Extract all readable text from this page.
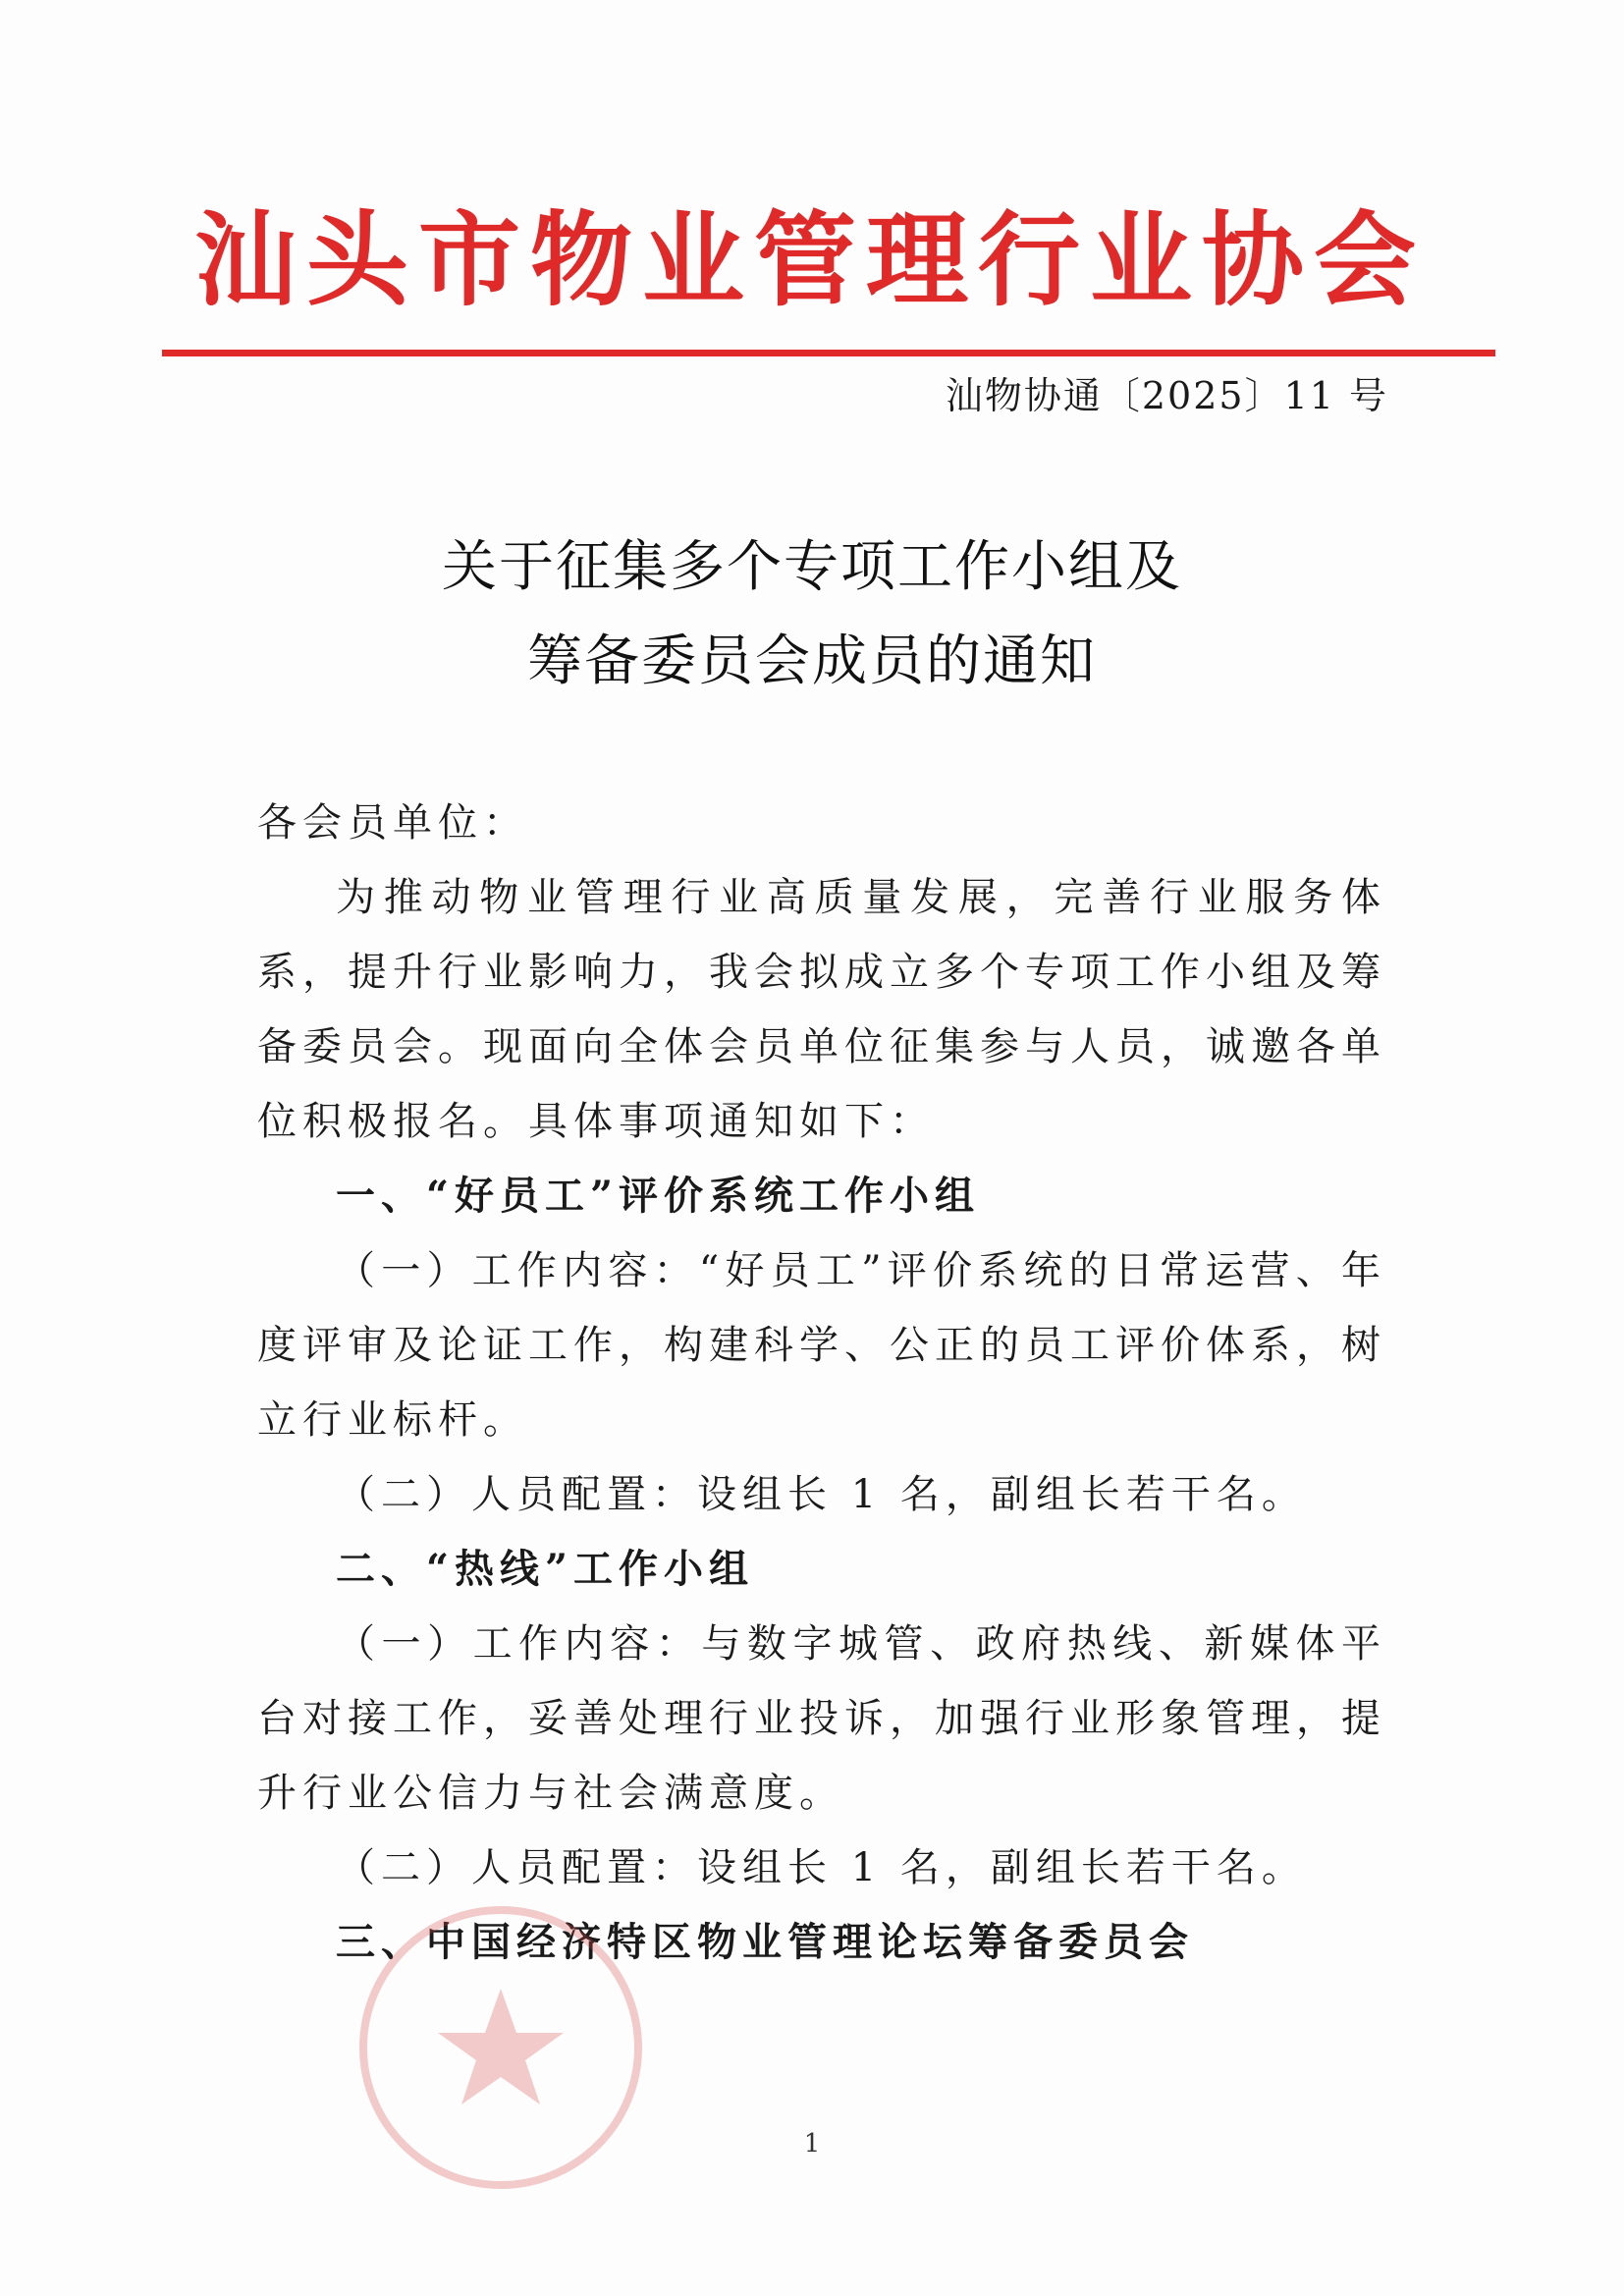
汕头市物业管理行业协会
汕物协通〔2025〕11 号
关于征集多个专项工作小组及
筹备委员会成员的通知

各会员单位：

为推动物业管理行业高质量发展，完善行业服务体系，提升行业影响力，我会拟成立多个专项工作小组及筹备委员会。现面向全体会员单位征集参与人员，诚邀各单位积极报名。具体事项通知如下：

一、“好员工”评价系统工作小组

（一）工作内容：“好员工”评价系统的日常运营、年度评审及论证工作，构建科学、公正的员工评价体系，树立行业标杆。

（二）人员配置：设组长 1 名，副组长若干名。

二、“热线”工作小组

（一）工作内容：与数字城管、政府热线、新媒体平台对接工作，妥善处理行业投诉，加强行业形象管理，提升行业公信力与社会满意度。

（二）人员配置：设组长 1 名，副组长若干名。

三、中国经济特区物业管理论坛筹备委员会

1
